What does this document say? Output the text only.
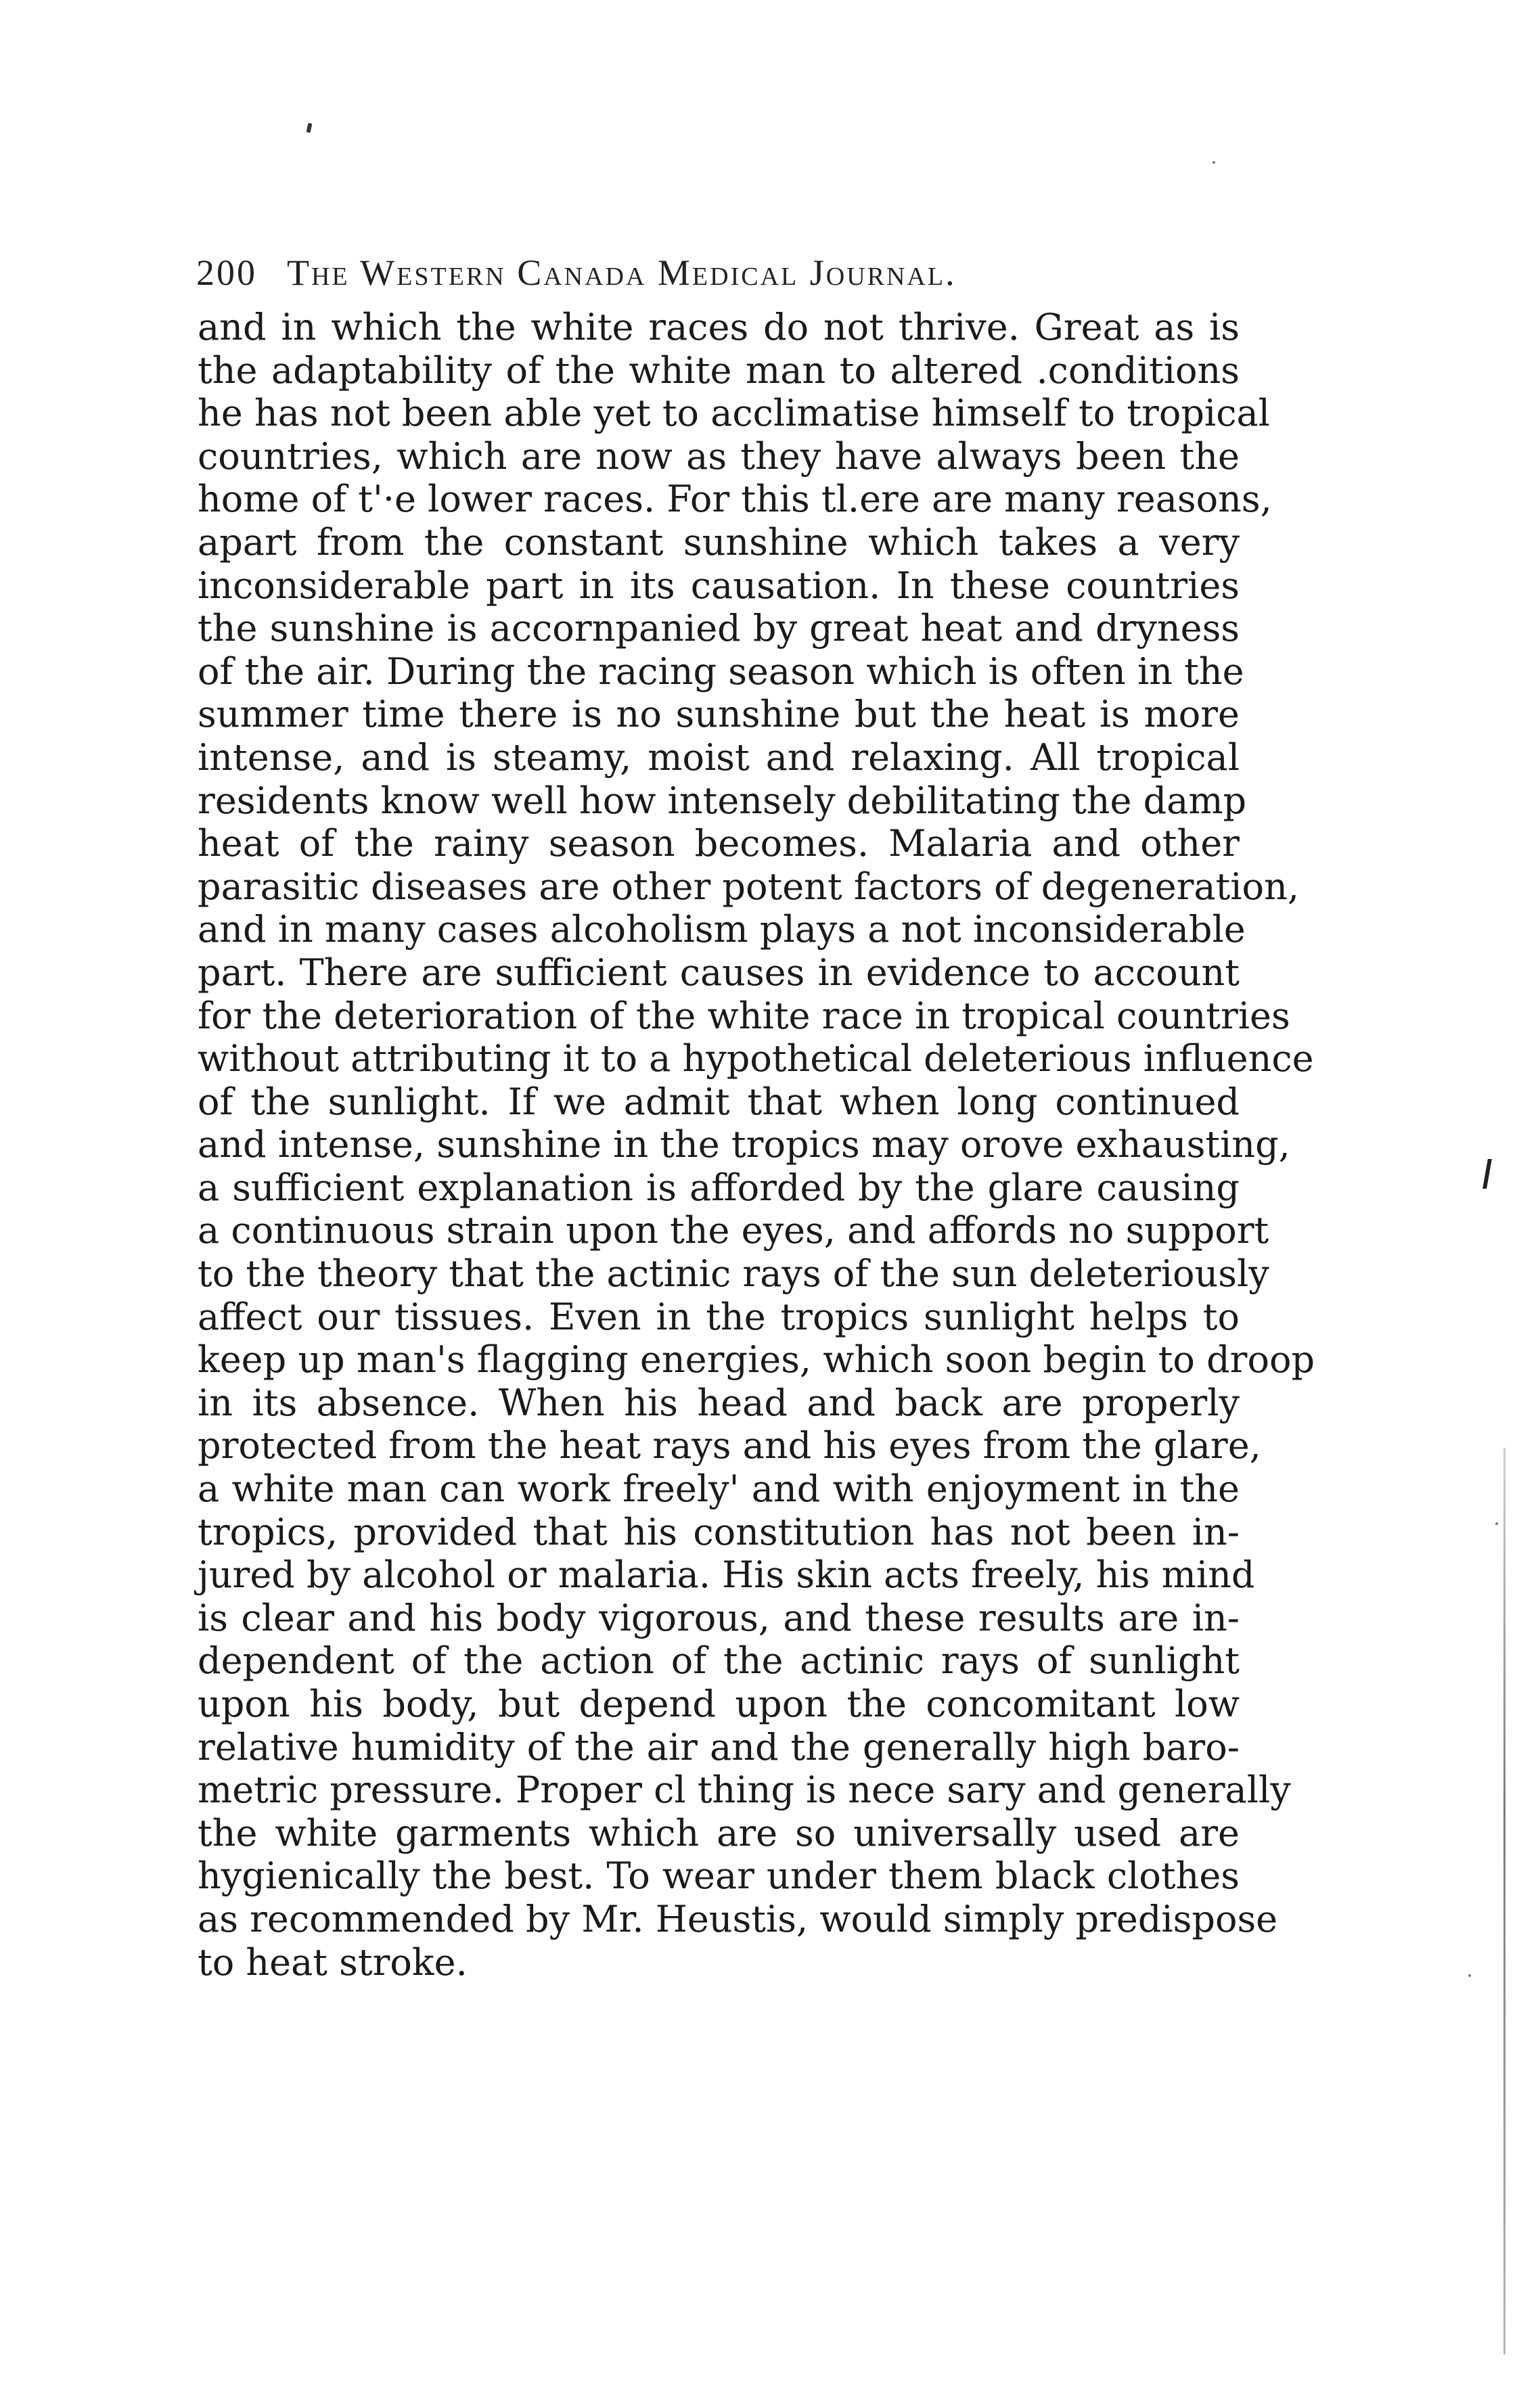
200 The Western Canada Medical Journal.
and in which the white races do not thrive. Great as is
the adaptability of the white man to altered .conditions
he has not been able yet to acclimatise himself to tropical
countries, which are now as they have always been the
home of t'·e lower races. For this tl.ere are many reasons,
apart from the constant sunshine which takes a very
inconsiderable part in its causation. In these countries
the sunshine is accornpanied by great heat and dryness
of the air. During the racing season which is often in the
summer time there is no sunshine but the heat is more
intense, and is steamy, moist and relaxing. All tropical
residents know well how intensely debilitating the damp
heat of the rainy season becomes. Malaria and other
parasitic diseases are other potent factors of degeneration,
and in many cases alcoholism plays a not inconsiderable
part. There are sufficient causes in evidence to account
for the deterioration of the white race in tropical countries
without attributing it to a hypothetical deleterious influence
of the sunlight. If we admit that when long continued
and intense, sunshine in the tropics may orove exhausting,
a sufficient explanation is afforded by the glare causing
a continuous strain upon the eyes, and affords no support
to the theory that the actinic rays of the sun deleteriously
affect our tissues. Even in the tropics sunlight helps to
keep up man's flagging energies, which soon begin to droop
in its absence. When his head and back are properly
protected from the heat rays and his eyes from the glare,
a white man can work freely' and with enjoyment in the
tropics, provided that his constitution has not been in-
jured by alcohol or malaria. His skin acts freely, his mind
is clear and his body vigorous, and these results are in-
dependent of the action of the actinic rays of sunlight
upon his body, but depend upon the concomitant low
relative humidity of the air and the generally high baro-
metric pressure. Proper cl thing is nece sary and generally
the white garments which are so universally used are
hygienically the best. To wear under them black clothes
as recommended by Mr. Heustis, would simply predispose
to heat stroke.
